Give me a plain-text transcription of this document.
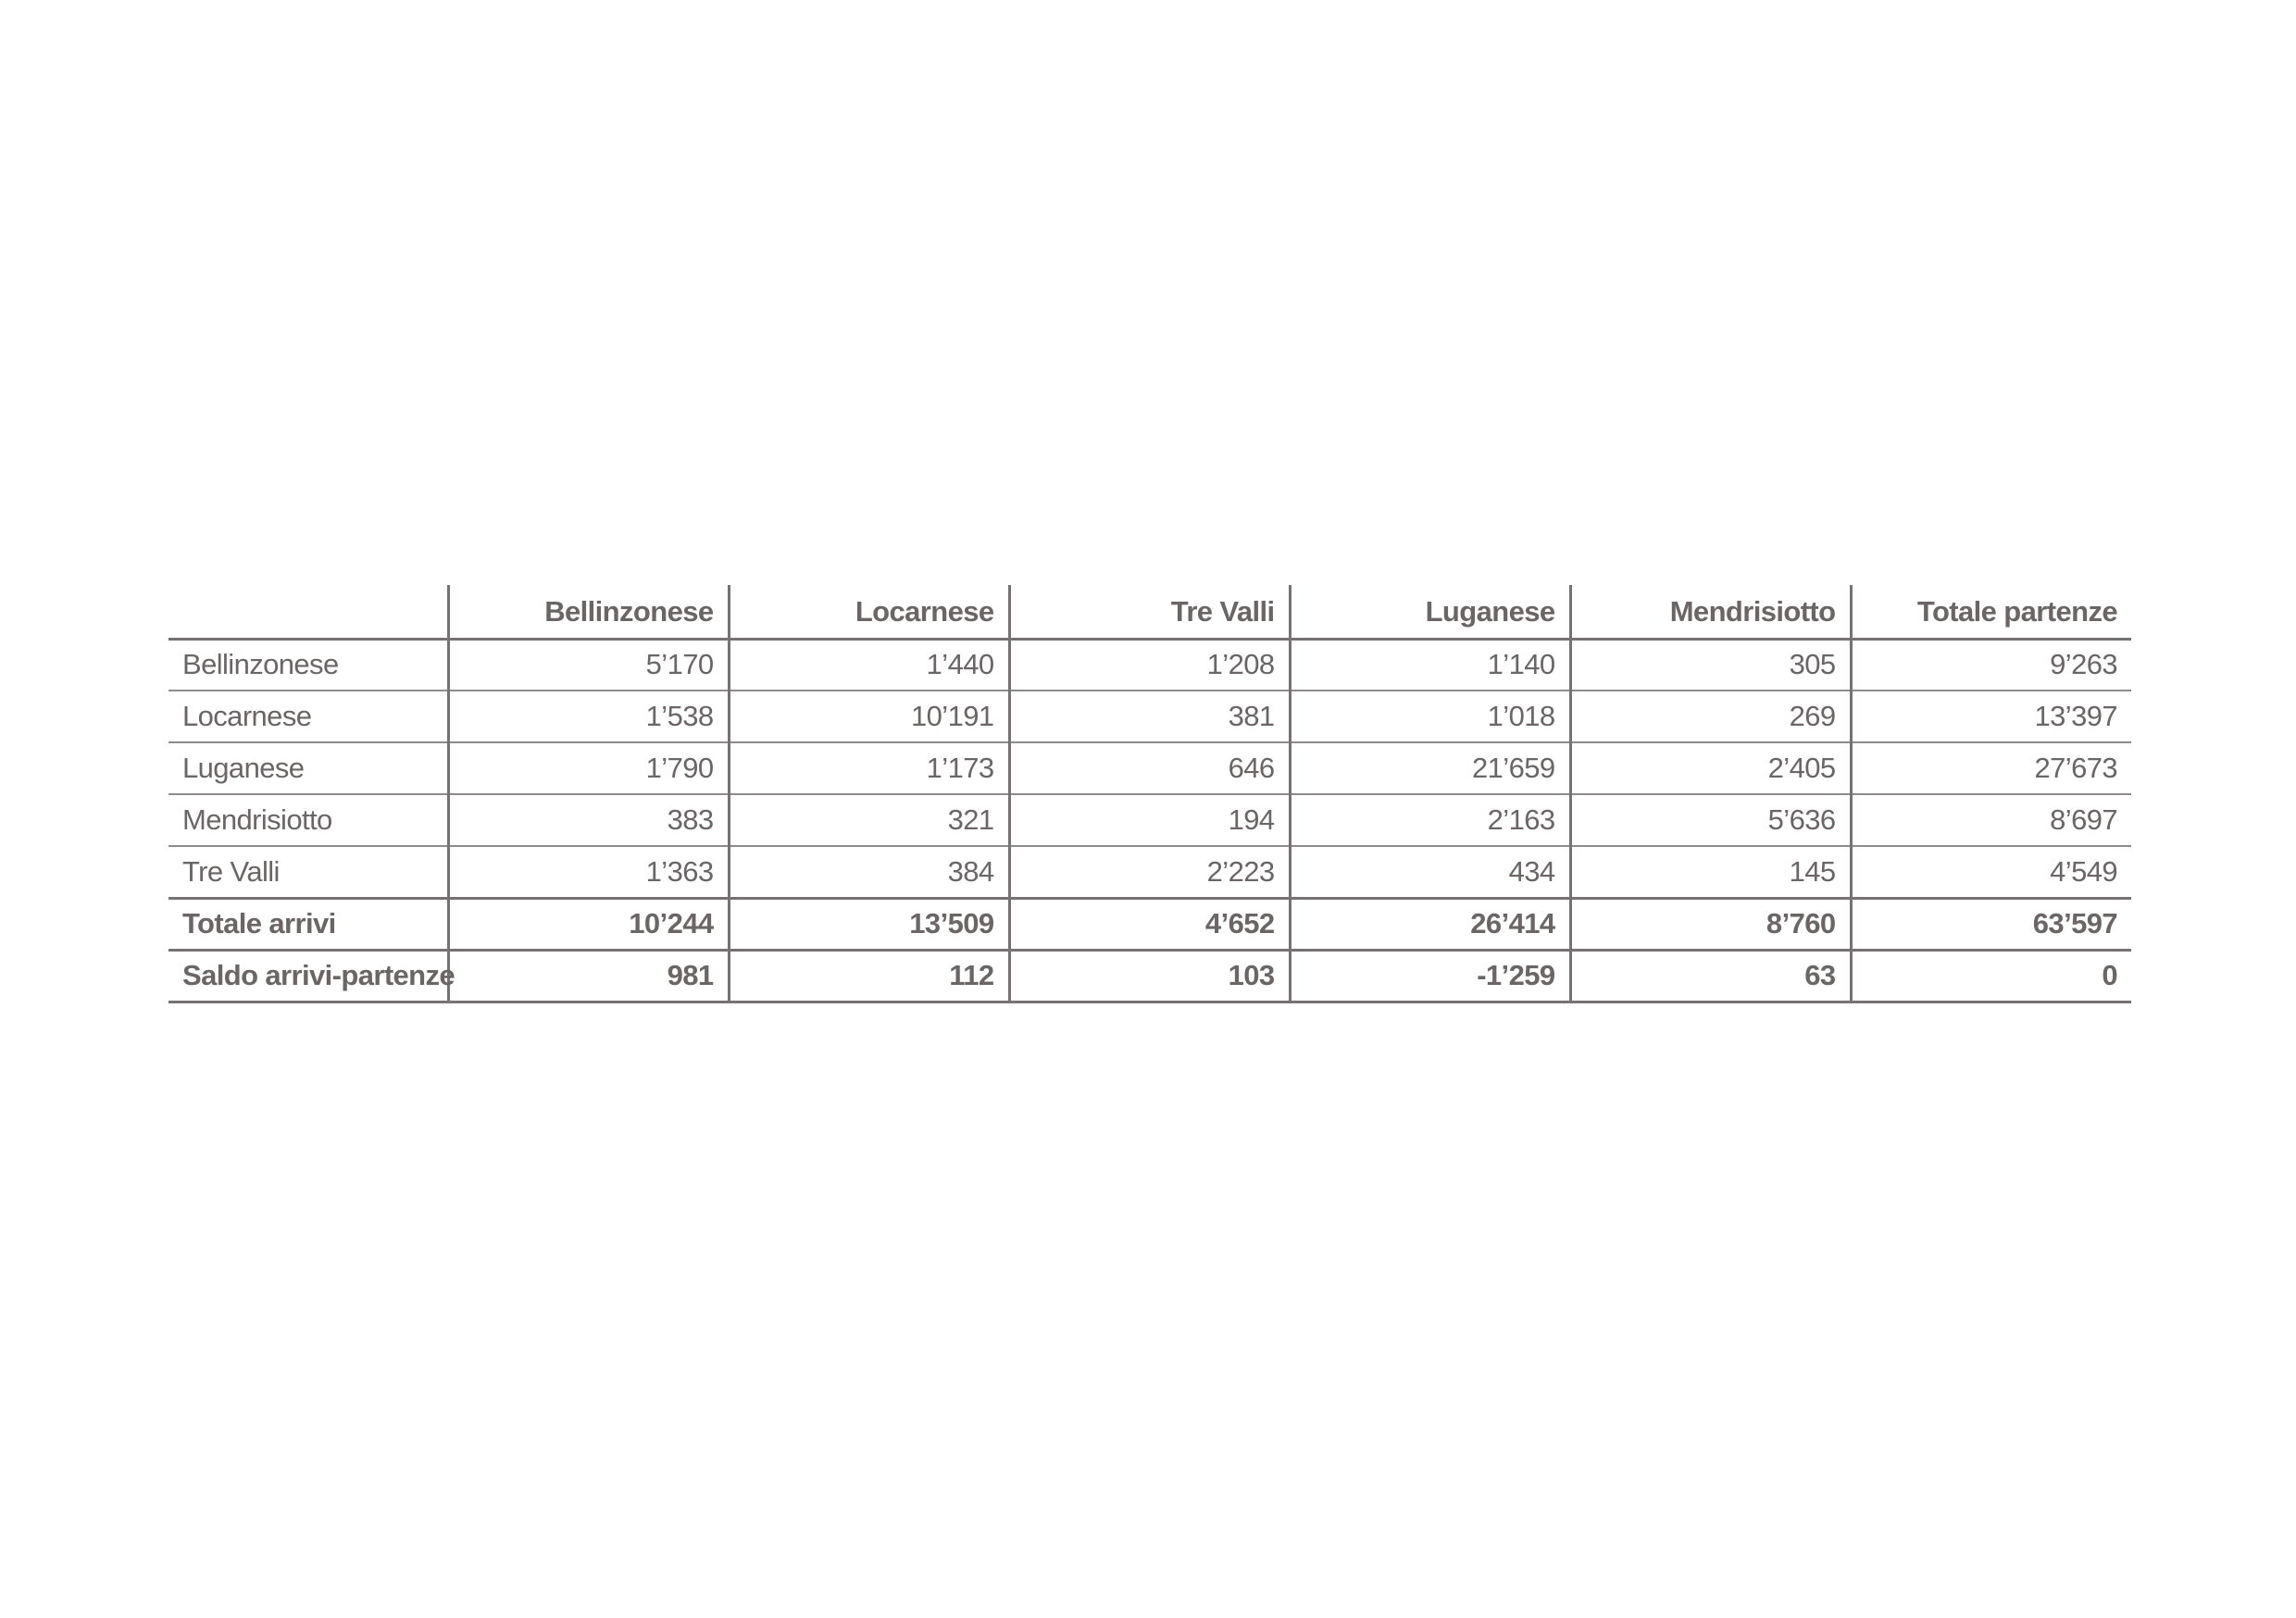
	Bellinzonese	Locarnese	Tre Valli	Luganese	Mendrisiotto	Totale partenze
Bellinzonese	5’170	1’440	1’208	1’140	305	9’263
Locarnese	1’538	10’191	381	1’018	269	13’397
Luganese	1’790	1’173	646	21’659	2’405	27’673
Mendrisiotto	383	321	194	2’163	5’636	8’697
Tre Valli	1’363	384	2’223	434	145	4’549
Totale arrivi	10’244	13’509	4’652	26’414	8’760	63’597
Saldo arrivi-partenze	981	112	103	-1’259	63	0
